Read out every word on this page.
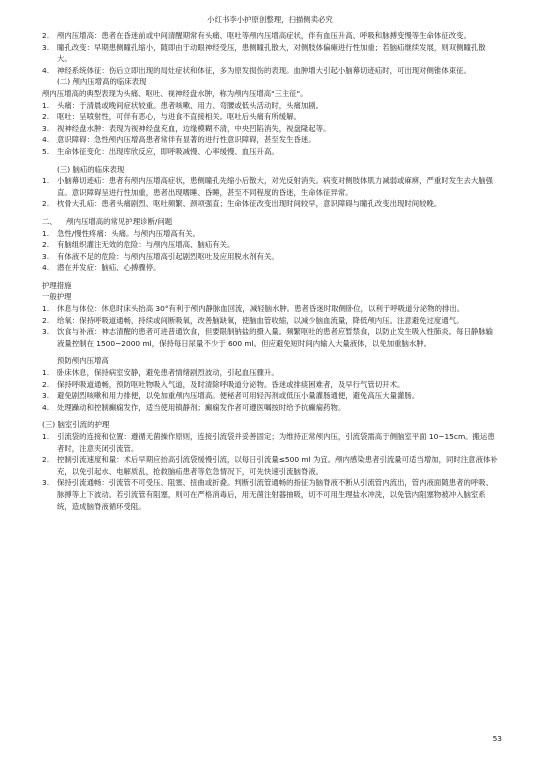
小红书李小护原创整理，扫描侧卖必究
2.	颅内压增高：患者在昏迷前或中间清醒期常有头痛、呕吐等颅内压增高症状，伴有血压升高、呼吸和脉搏变慢等生命体征改变。
3.	瞳孔改变：早期患侧瞳孔缩小，随即由于动眼神经受压，患侧瞳孔散大，对侧肢体偏瘫进行性加重；若脑疝继续发展，则双侧瞳孔散大。
4.	神经系统体征：伤后立即出现的局灶症状和体征，多为原发损伤的表现。血肿增大引起小脑幕切迹疝时，可出现对侧锥体束征。
(二) 颅内压增高的临床表现
颅内压增高的典型表现为头痛、呕吐、视神经盘水肿，称为颅内压增高"三主征"。
1.	头痛：于清晨或晚间症状较重。患者咳嗽、用力、弯腰或低头活动时，头痛加剧。
2.	呕吐：呈喷射性，可伴有恶心，与进食不直接相关。呕吐后头痛有所缓解。
3.	视神经盘水肿：表现为视神经盘充血，边缘模糊不清，中央凹陷消失，视盘隆起等。
4.	意识障碍：急性颅内压增高患者常伴有显著的进行性意识障碍，甚至发生昏迷。
5.	生命体征变化：出现库欣反应，即呼吸减慢、心率缓慢、血压升高。
(三) 脑疝的临床表现
1.	小脑幕切迹疝：患者有颅内压增高症状，患侧瞳孔先缩小后散大，对光反射消失。病变对侧肢体肌力减弱或麻痹，严重时发生去大脑强直。意识障碍呈进行性加重，患者出现嗜睡、昏睡，甚至不同程度的昏迷，生命体征异常。
2.	枕骨大孔疝：患者头痛剧烈、呕吐频繁、颈项强直；生命体征改变出现时间较早，意识障碍与瞳孔改变出现时间较晚。
二、    颅内压增高的常见护理诊断/问题
1.	急性/慢性疼痛：头痛。与颅内压增高有关。
2.	有脑组织灌注无效的危险：与颅内压增高、脑疝有关。
3.	有体液不足的危险：与颅内压增高引起剧烈呕吐及应用脱水剂有关。
4.	潜在并发症：脑疝、心搏骤停。
护理措施
一般护理
1.	休息与体位：休息时床头抬高 30°有利于颅内静脉血回流，减轻脑水肿。患者昏迷时取侧卧位，以利于呼吸道分泌物的排出。
2.	给氧：保持呼吸道通畅，持续或间断吸氧，改善脑缺氧，使脑血管收缩，以减少脑血流量，降低颅内压。注意避免过度通气。
3.	饮食与补液：神志清醒的患者可进普通饮食，但要限制钠盐的摄入量。频繁呕吐的患者应暂禁食，以防止发生吸入性肺炎。每日静脉输液量控制在 1500~2000 ml，保持每日尿量不少于 600 ml。但应避免短时间内输入大量液体，以免加重脑水肿。
预防颅内压增高
1.	卧床休息，保持病室安静，避免患者情绪剧烈波动，引起血压骤升。
2.	保持呼吸道通畅，预防呕吐物吸入气道，及时清除呼吸道分泌物。昏迷或排痰困难者，及早行气管切开术。
3.	避免剧烈咳嗽和用力排便，以免加重颅内压增高。便秘者可用轻泻剂或低压小量灌肠通便，避免高压大量灌肠。
4.	处理躁动和控制癫痫发作，适当使用镇静剂；癫痫发作者可遵医嘱按时给予抗癫痫药物。
(三) 脑室引流的护理
1.	引流袋的连接和位置：遵循无菌操作原则，连接引流袋并妥善固定；为维持正常颅内压，引流袋需高于侧脑室平面 10~15cm。搬运患者时，注意夹闭引流管。
2.	控制引流速度和量：术后早期应抬高引流袋缓慢引流，以每日引流量≤500 ml 为宜。颅内感染患者引流量可适当增加，同时注意液体补充，以免引起水、电解质乱，抢救脑疝患者等危急情况下，可先快速引流脑脊液。
3.	保持引流通畅：引流管不可受压、阻塞、扭曲或折叠。判断引流管通畅的指征为脑脊液不断从引流管内流出，管内液面随患者的呼吸、脉搏等上下波动。若引流管有阻塞，则可在严格消毒后，用无菌注射器抽吸，切不可用生理盐水冲洗，以免管内阻塞物被冲入脑室系统，造成脑脊液循环受阻。
53
